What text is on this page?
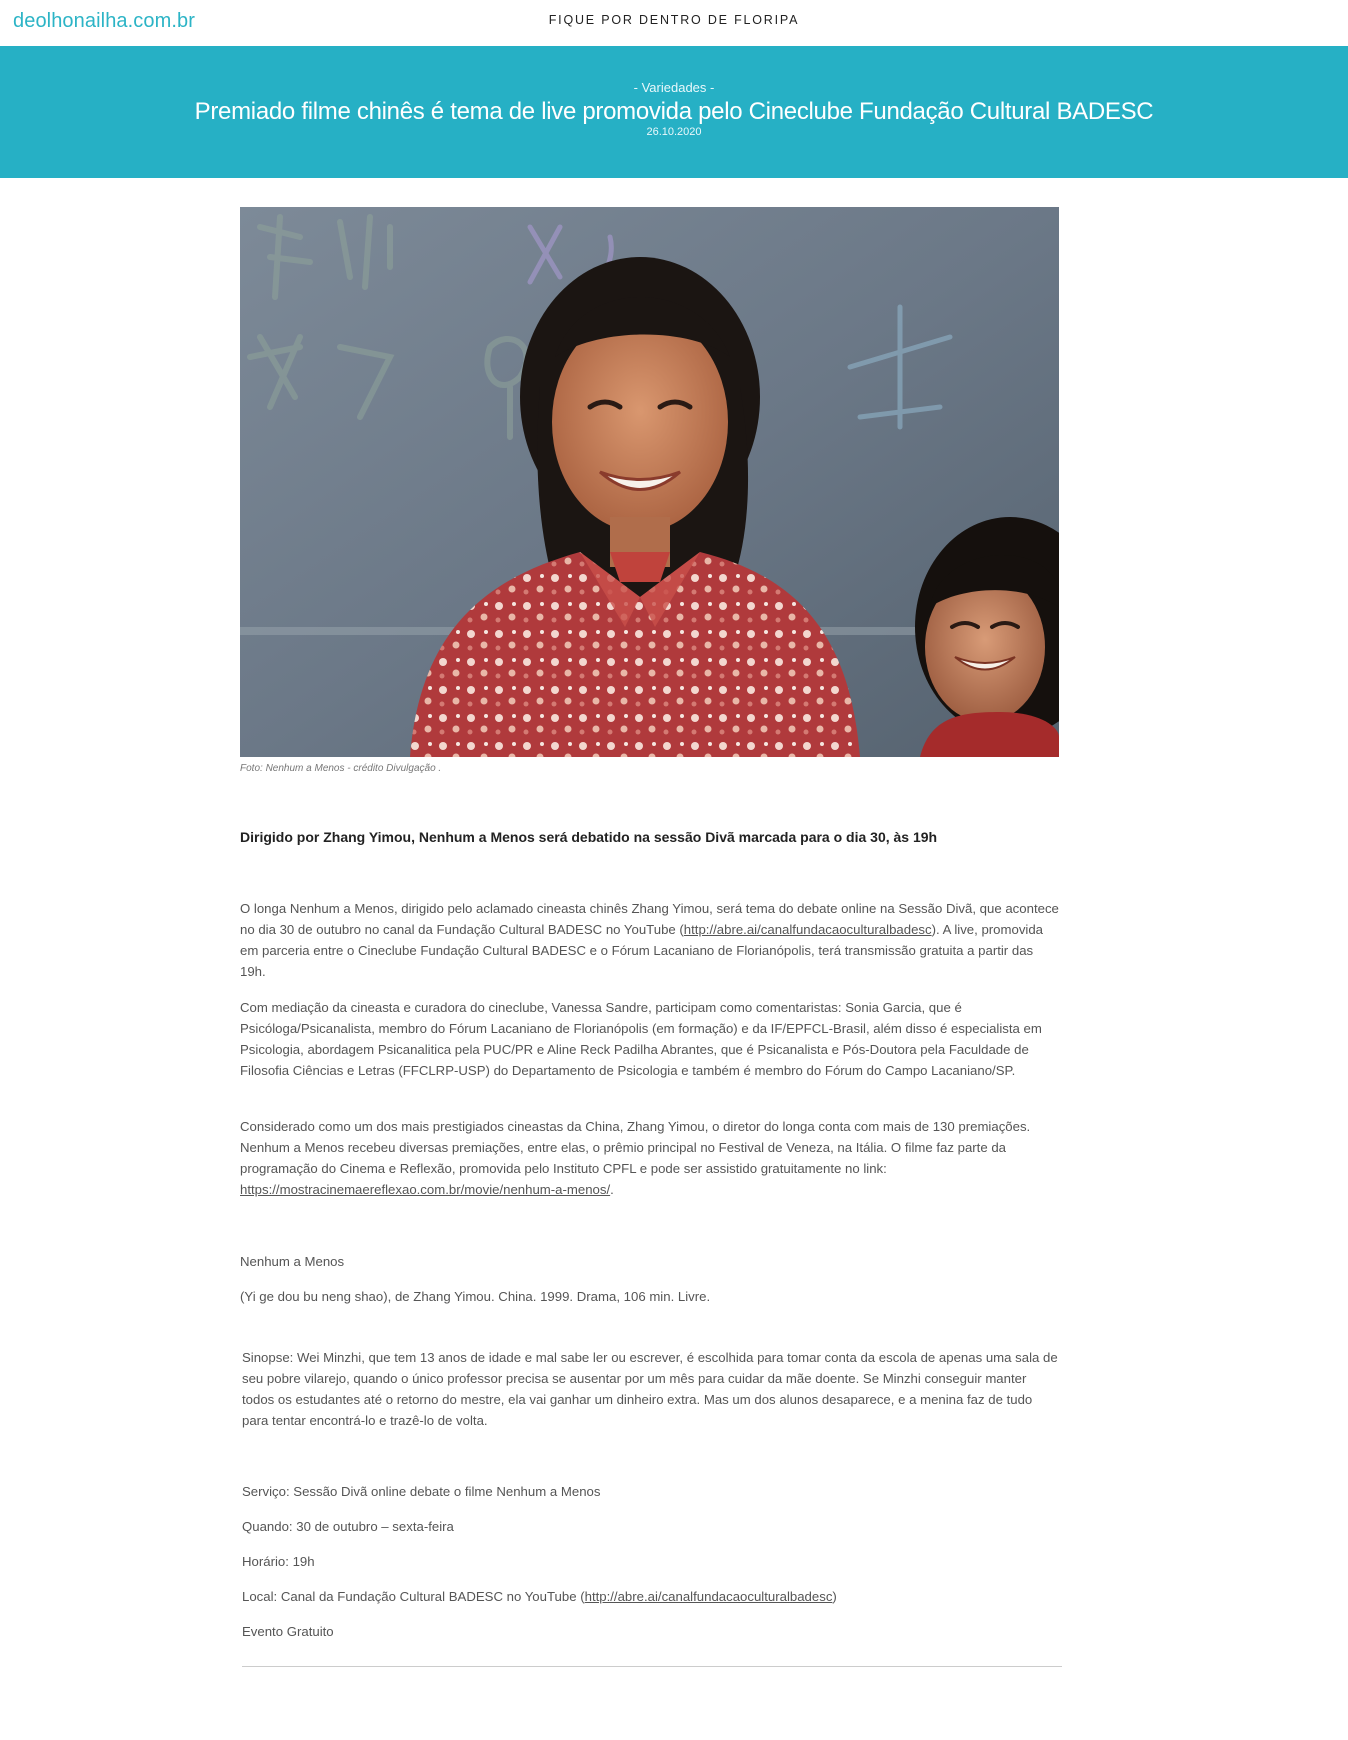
deolhonailha.com.br	FIQUE POR DENTRO DE FLORIPA
- Variedades -
Premiado filme chinês é tema de live promovida pelo Cineclube Fundação Cultural BADESC
26.10.2020
Foto: Nenhum a Menos - crédito Divulgação .
Dirigido por Zhang Yimou, Nenhum a Menos será debatido na sessão Divã marcada para o dia 30, às 19h

O longa Nenhum a Menos, dirigido pelo aclamado cineasta chinês Zhang Yimou, será tema do debate online na Sessão Divã, que acontece no dia 30 de outubro no canal da Fundação Cultural BADESC no YouTube (http://abre.ai/canalfundacaoculturalbadesc). A live, promovida em parceria entre o Cineclube Fundação Cultural BADESC e o Fórum Lacaniano de Florianópolis, terá transmissão gratuita a partir das 19h.

Com mediação da cineasta e curadora do cineclube, Vanessa Sandre, participam como comentaristas: Sonia Garcia, que é Psicóloga/Psicanalista, membro do Fórum Lacaniano de Florianópolis (em formação) e da IF/EPFCL-Brasil, além disso é especialista em Psicologia, abordagem Psicanalitica pela PUC/PR e Aline Reck Padilha Abrantes, que é Psicanalista e Pós-Doutora pela Faculdade de Filosofia Ciências e Letras (FFCLRP-USP) do Departamento de Psicologia e também é membro do Fórum do Campo Lacaniano/SP.

Considerado como um dos mais prestigiados cineastas da China, Zhang Yimou, o diretor do longa conta com mais de 130 premiações. Nenhum a Menos recebeu diversas premiações, entre elas, o prêmio principal no Festival de Veneza, na Itália. O filme faz parte da programação do Cinema e Reflexão, promovida pelo Instituto CPFL e pode ser assistido gratuitamente no link: https://mostracinemaereflexao.com.br/movie/nenhum-a-menos/.

Nenhum a Menos

(Yi ge dou bu neng shao), de Zhang Yimou. China. 1999. Drama, 106 min. Livre.

Sinopse: Wei Minzhi, que tem 13 anos de idade e mal sabe ler ou escrever, é escolhida para tomar conta da escola de apenas uma sala de seu pobre vilarejo, quando o único professor precisa se ausentar por um mês para cuidar da mãe doente. Se Minzhi conseguir manter todos os estudantes até o retorno do mestre, ela vai ganhar um dinheiro extra. Mas um dos alunos desaparece, e a menina faz de tudo para tentar encontrá-lo e trazê-lo de volta.

Serviço: Sessão Divã online debate o filme Nenhum a Menos

Quando: 30 de outubro – sexta-feira

Horário: 19h

Local: Canal da Fundação Cultural BADESC no YouTube (http://abre.ai/canalfundacaoculturalbadesc)

Evento Gratuito
